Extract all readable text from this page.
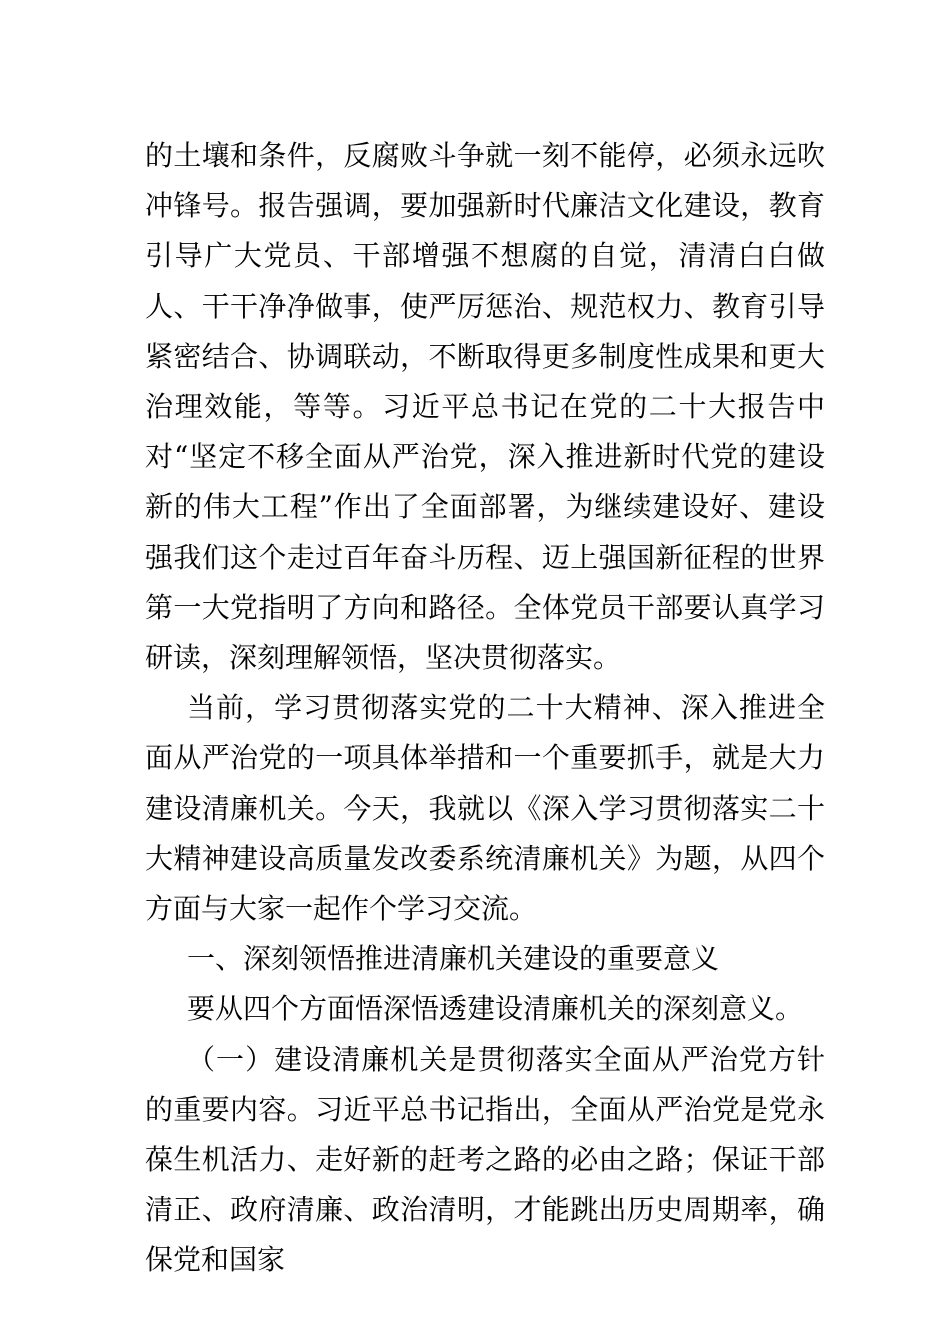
的土壤和条件，反腐败斗争就一刻不能停，必须永远吹冲锋号。报告强调，要加强新时代廉洁文化建设，教育引导广大党员、干部增强不想腐的自觉，清清白白做人、干干净净做事，使严厉惩治、规范权力、教育引导紧密结合、协调联动，不断取得更多制度性成果和更大治理效能，等等。习近平总书记在党的二十大报告中对“坚定不移全面从严治党，深入推进新时代党的建设新的伟大工程”作出了全面部署，为继续建设好、建设强我们这个走过百年奋斗历程、迈上强国新征程的世界第一大党指明了方向和路径。全体党员干部要认真学习研读，深刻理解领悟，坚决贯彻落实。

当前，学习贯彻落实党的二十大精神、深入推进全面从严治党的一项具体举措和一个重要抓手，就是大力建设清廉机关。今天，我就以《深入学习贯彻落实二十大精神建设高质量发改委系统清廉机关》为题，从四个方面与大家一起作个学习交流。

一、深刻领悟推进清廉机关建设的重要意义

要从四个方面悟深悟透建设清廉机关的深刻意义。

（一）建设清廉机关是贯彻落实全面从严治党方针的重要内容。习近平总书记指出，全面从严治党是党永葆生机活力、走好新的赶考之路的必由之路；保证干部清正、政府清廉、政治清明，才能跳出历史周期率，确保党和国家
